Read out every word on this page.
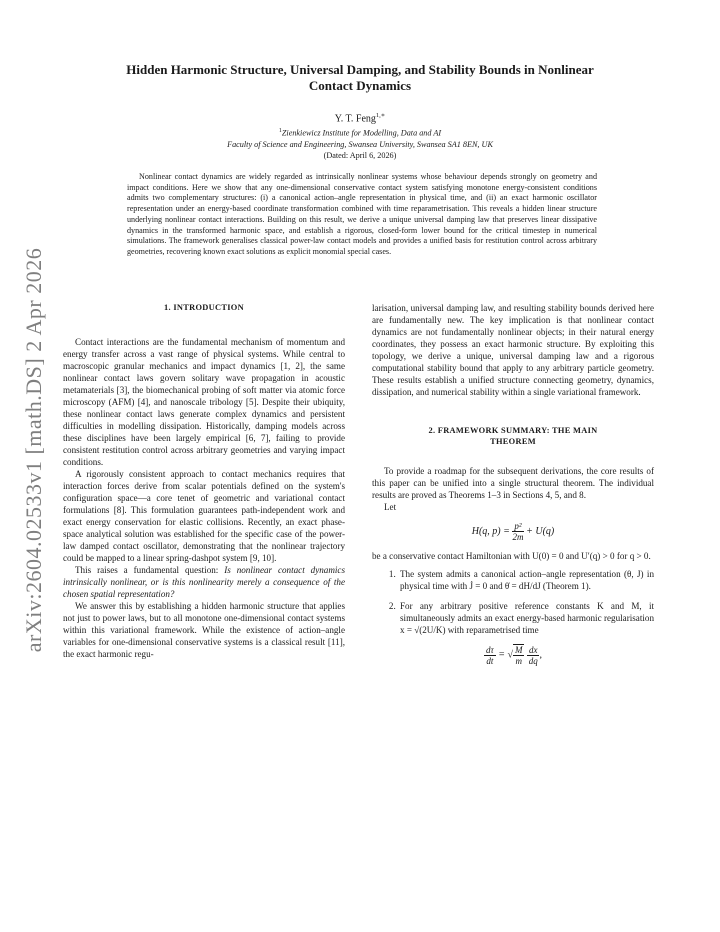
arXiv:2604.02533v1 [math.DS] 2 Apr 2026
Hidden Harmonic Structure, Universal Damping, and Stability Bounds in Nonlinear
Contact Dynamics
Y. T. Feng$^{1,∗}$
$^1$Zienkiewicz Institute for Modelling, Data and AI
Faculty of Science and Engineering, Swansea University, Swansea SA1 8EN, UK
(Dated: April 6, 2026)
Nonlinear contact dynamics are widely regarded as intrinsically nonlinear systems whose behaviour depends strongly on geometry and impact conditions. Here we show that any one-dimensional conservative contact system satisfying monotone energy-consistent conditions admits two complementary structures: (i) a canonical action–angle representation in physical time, and (ii) an exact harmonic oscillator representation under an energy-based coordinate transformation combined with time reparametrisation. This reveals a hidden linear structure underlying nonlinear contact interactions. Building on this result, we derive a unique universal damping law that preserves linear dissipative dynamics in the transformed harmonic space, and establish a rigorous, closed-form lower bound for the critical timestep in numerical simulations. The framework generalises classical power-law contact models and provides a unified basis for restitution control across arbitrary geometries, recovering known exact solutions as explicit monomial special cases.
1. INTRODUCTION

Contact interactions are the fundamental mechanism of momentum and energy transfer across a vast range of physical systems. While central to macroscopic granular mechanics and impact dynamics [1, 2], the same nonlinear contact laws govern solitary wave propagation in acoustic metamaterials [3], the biomechanical probing of soft matter via atomic force microscopy (AFM) [4], and nanoscale tribology [5]. Despite their ubiquity, these nonlinear contact laws generate complex dynamics and persistent difficulties in modelling dissipation. Historically, damping models across these disciplines have been largely empirical [6, 7], failing to provide consistent restitution control across arbitrary geometries and varying impact conditions.

A rigorously consistent approach to contact mechanics requires that interaction forces derive from scalar potentials defined on the system's configuration space—a core tenet of geometric and variational contact formulations [8]. This formulation guarantees path-independent work and exact energy conservation for elastic collisions. Recently, an exact phase-space analytical solution was established for the specific case of the power-law damped contact oscillator, demonstrating that the nonlinear trajectory could be mapped to a linear spring-dashpot system [9, 10].

This raises a fundamental question: Is nonlinear contact dynamics intrinsically nonlinear, or is this nonlinearity merely a consequence of the chosen spatial representation?

We answer this by establishing a hidden harmonic structure that applies not just to power laws, but to all monotone one-dimensional contact systems within this variational framework. While the existence of action–angle variables for one-dimensional conservative systems is a classical result [11], the exact harmonic regu-

larisation, universal damping law, and resulting stability bounds derived here are fundamentally new. The key implication is that nonlinear contact dynamics are not fundamentally nonlinear objects; in their natural energy coordinates, they possess an exact harmonic structure. By exploiting this topology, we derive a unique, universal damping law and a rigorous computational stability bound that apply to any arbitrary particle geometry. These results establish a unified structure connecting geometry, dynamics, dissipation, and numerical stability within a single variational framework.

2. FRAMEWORK SUMMARY: THE MAIN
THEOREM

To provide a roadmap for the subsequent derivations, the core results of this paper can be unified into a single structural theorem. The individual results are proved as Theorems 1–3 in Sections 4, 5, and 8.

Let

H(q, $p) = \frac{\text{p²}}{2m} + U(q)$

be a conservative contact Hamiltonian with U(0) = 0 and U′(q) > 0 for q > 0.

1. The system admits a canonical action–angle representation (θ, J) in physical time with J̇ = 0 and θ̇ = dH/dJ (Theorem 1).
2. For any arbitrary positive reference constants K and M, it simultaneously admits an exact energy-based harmonic regularisation x = √(2U/K) with reparametrised time
$\frac{d\tau}{dt}$ = √ $\frac{M}{m}$
$\frac{dx}{dq}$ ,
